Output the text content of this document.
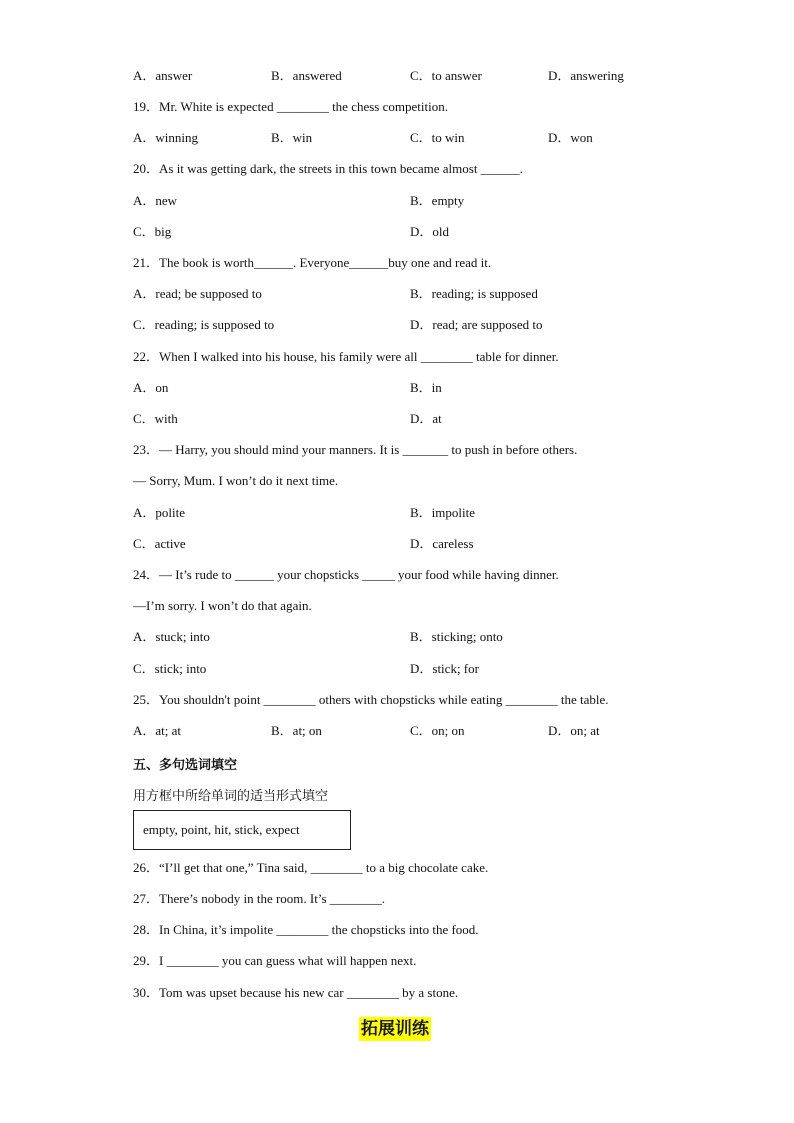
A．answer	B．answered	C．to answer	D．answering
19．Mr. White is expected ________ the chess competition.
A．winning	B．win	C．to win	D．won
20．As it was getting dark, the streets in this town became almost ______.
A．new	B．empty
C．big	D．old
21．The book is worth______. Everyone______buy one and read it.
A．read; be supposed to	B．reading; is supposed
C．reading; is supposed to	D．read; are supposed to
22．When I walked into his house, his family were all ________ table for dinner.
A．on	B．in
C．with	D．at
23．— Harry, you should mind your manners. It is _______ to push in before others.
— Sorry, Mum. I won’t do it next time.
A．polite	B．impolite
C．active	D．careless
24．— It’s rude to ______ your chopsticks _____ your food while having dinner.
—I’m sorry. I won’t do that again.
A．stuck; into	B．sticking; onto
C．stick; into	D．stick; for
25．You shouldn't point ________ others with chopsticks while eating ________ the table.
A．at; at	B．at; on	C．on; on	D．on; at
五、多句选词填空
用方框中所给单词的适当形式填空
empty, point, hit, stick, expect
26．“I’ll get that one,” Tina said, ________ to a big chocolate cake.
27．There’s nobody in the room. It’s ________.
28．In China, it’s impolite ________ the chopsticks into the food.
29．I ________ you can guess what will happen next.
30．Tom was upset because his new car ________ by a stone.
拓展训练
